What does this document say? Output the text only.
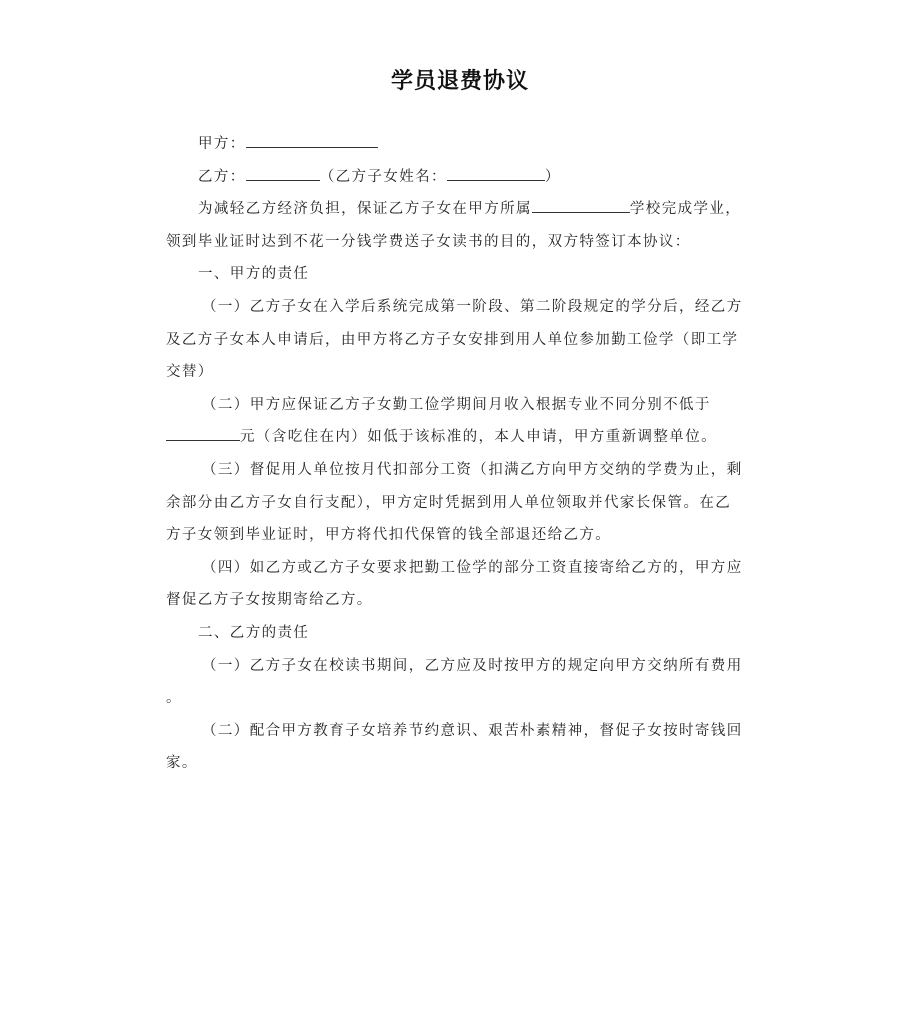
学员退费协议
甲方：
乙方：	（乙方子女姓名：	）
为减轻乙方经济负担，保证乙方子女在甲方所属	学校完成学业，
领到毕业证时达到不花一分钱学费送子女读书的目的，双方特签订本协议：
一、甲方的责任
（一）乙方子女在入学后系统完成第一阶段、第二阶段规定的学分后，经乙方
及乙方子女本人申请后，由甲方将乙方子女安排到用人单位参加勤工俭学（即工学
交替）
（二）甲方应保证乙方子女勤工俭学期间月收入根据专业不同分别不低于
元（含吃住在内）如低于该标准的，本人申请，甲方重新调整单位。
（三）督促用人单位按月代扣部分工资（扣满乙方向甲方交纳的学费为止，剩
余部分由乙方子女自行支配），甲方定时凭据到用人单位领取并代家长保管。在乙
方子女领到毕业证时，甲方将代扣代保管的钱全部退还给乙方。
（四）如乙方或乙方子女要求把勤工俭学的部分工资直接寄给乙方的，甲方应
督促乙方子女按期寄给乙方。
二、乙方的责任
（一）乙方子女在校读书期间，乙方应及时按甲方的规定向甲方交纳所有费用
。
（二）配合甲方教育子女培养节约意识、艰苦朴素精神，督促子女按时寄钱回
家。
